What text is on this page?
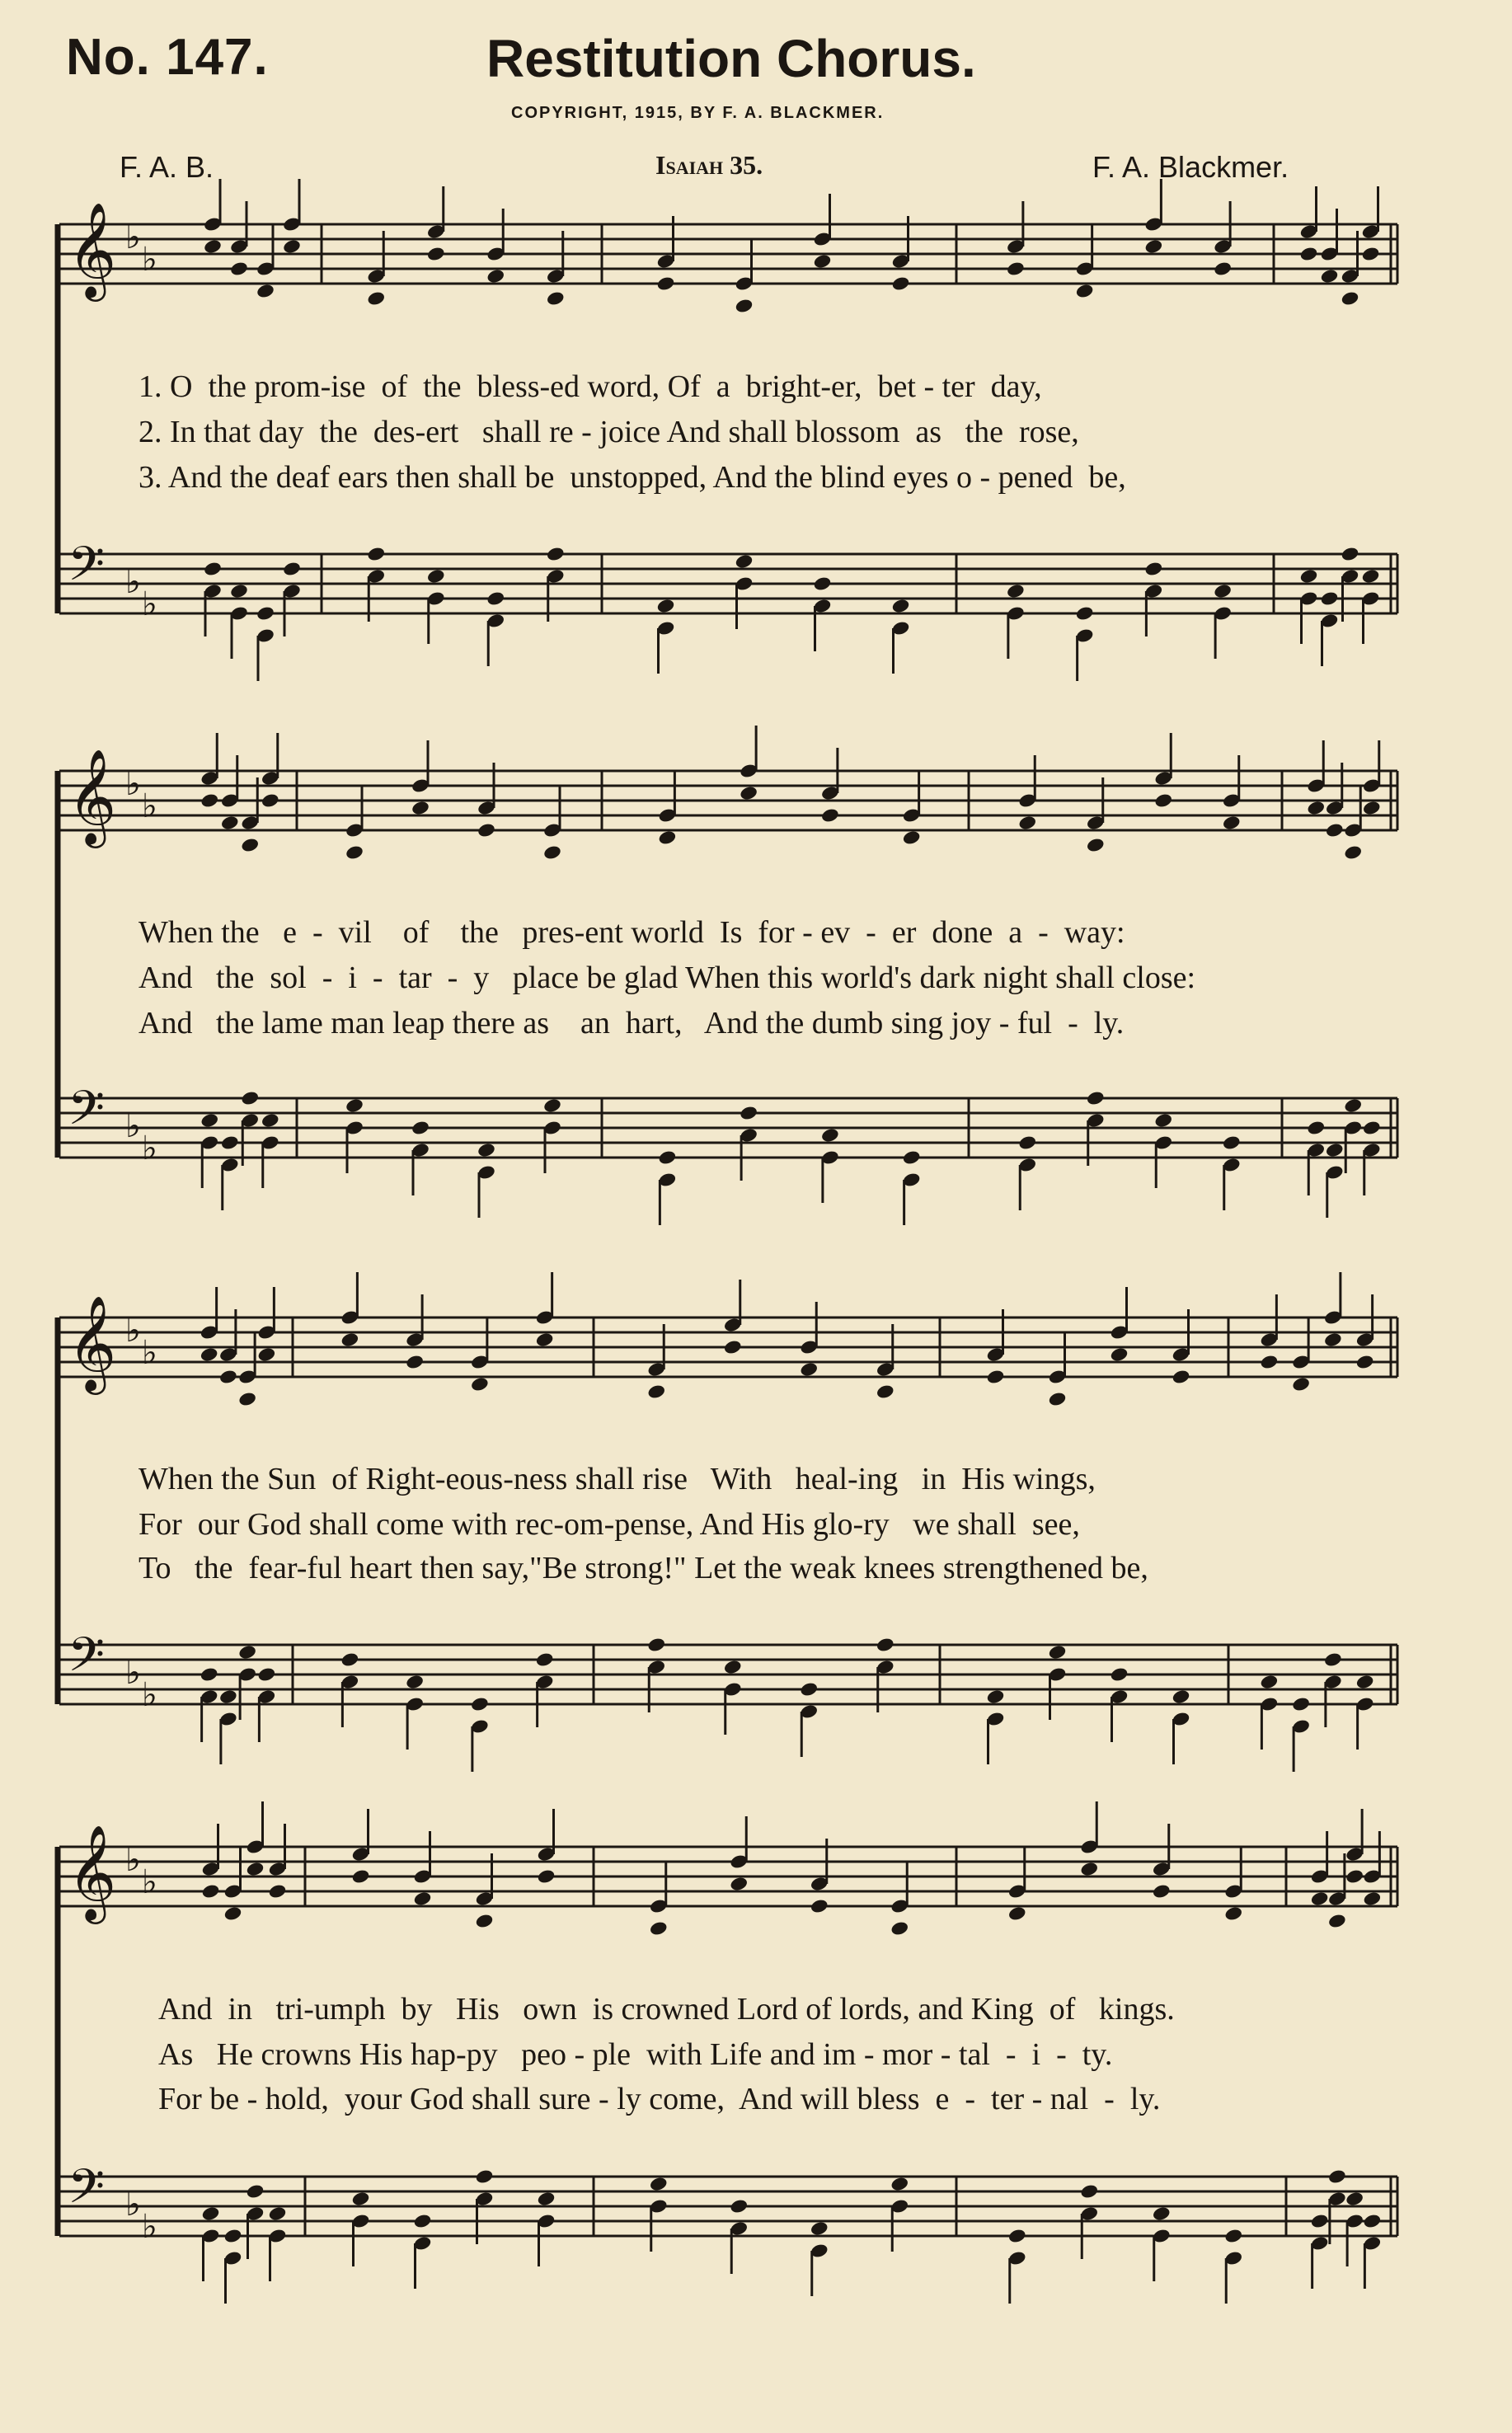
No. 147.	Restitution Chorus.
COPYRIGHT, 1915, BY F. A. BLACKMER.
F. A. B.	Isaiah 35.	F. A. Blackmer.
𝄞 ♭
♭
𝄢 ♭
♭
𝄞 ♭
♭
𝄢 ♭
♭
𝄞 ♭
♭
𝄢 ♭
♭
𝄞 ♭
♭
𝄢 ♭
♭
1. O  the prom-ise  of  the  bless-ed word, Of  a  bright-er,  bet - ter  day,
2. In that day  the  des-ert   shall re - joice And shall blossom  as   the  rose,
3. And the deaf ears then shall be  unstopped, And the blind eyes o - pened  be,
When the   e  -  vil    of    the   pres-ent world  Is  for - ev  -  er  done  a  -  way:
And   the  sol  -  i  -  tar  -  y   place be glad When this world's dark night shall close:
And   the lame man leap there as    an  hart,   And the dumb sing joy - ful  -  ly.
When the Sun  of Right-eous-ness shall rise   With   heal-ing   in  His wings,
For  our God shall come with rec-om-pense, And His glo-ry   we shall  see,
To   the  fear-ful heart then say,"Be strong!" Let the weak knees strengthened be,
And  in   tri-umph  by   His   own  is crowned Lord of lords, and King  of   kings.
As   He crowns His hap-py   peo - ple  with Life and im - mor - tal  -  i  -  ty.
For be - hold,  your God shall sure - ly come,  And will bless  e  -  ter - nal  -  ly.
